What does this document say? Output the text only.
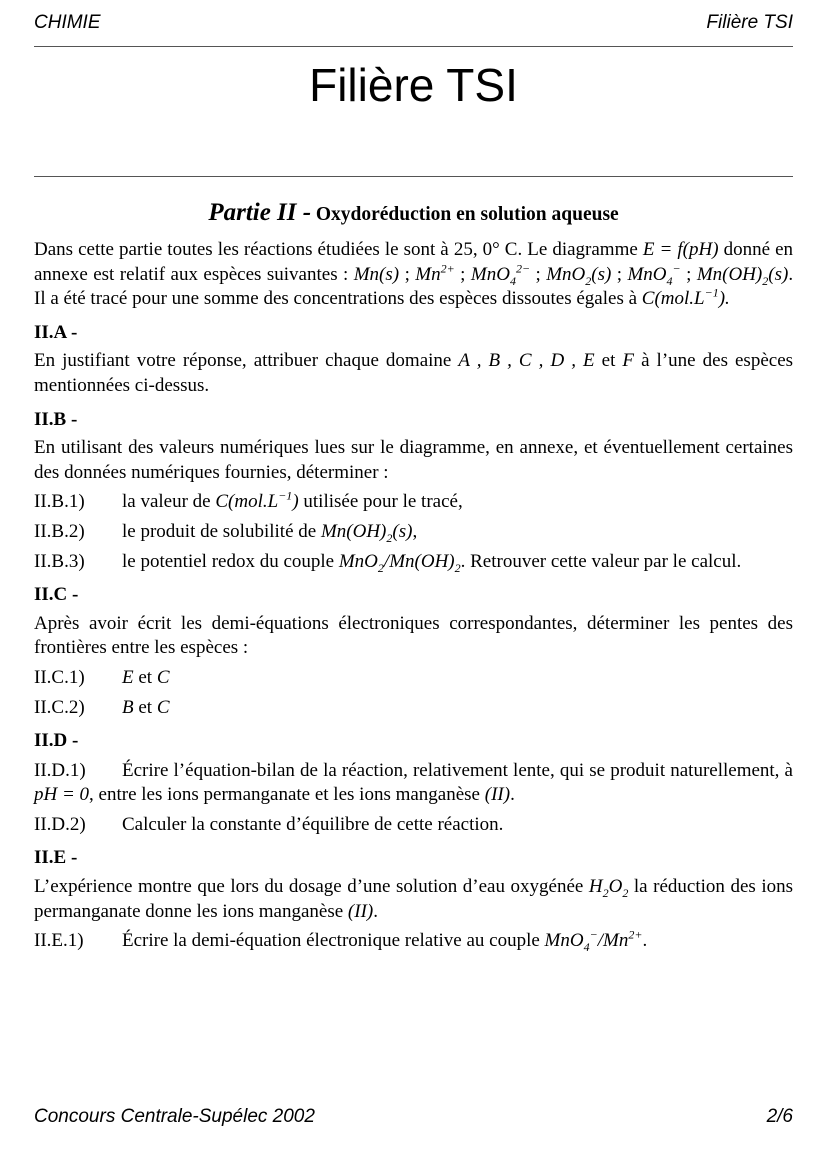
CHIMIE	Filière TSI
Filière TSI
Partie II - Oxydoréduction en solution aqueuse

Dans cette partie toutes les réactions étudiées le sont à 25, 0° C. Le diagramme E = f(pH) donné en annexe est relatif aux espèces suivantes : Mn(s) ; $Mn^{2+}$ ; MnO$_4^{2-}$ ; MnO$_2$(s) ; MnO$_4$− ; $Mn(OH)_2(s)$. Il a été tracé pour une somme des concentrations des espèces dissoutes égales à $C(mol.L^{-1})$.

II.A -

En justifiant votre réponse, attribuer chaque domaine A , B , C , D , E et F à l’une des espèces mentionnées ci-dessus.

II.B -

En utilisant des valeurs numériques lues sur le diagramme, en annexe, et éventuellement certaines des données numériques fournies, déterminer :

II.B.1) la valeur de $C(mol.L^{-1})$ utilisée pour le tracé,

II.B.2) le produit de solubilité de $Mn(OH)_2(s)$,

II.B.3) le potentiel redox du couple $MnO_2/Mn(OH)_2$. Retrouver cette valeur par le calcul.

II.C -

Après avoir écrit les demi-équations électroniques correspondantes, déterminer les pentes des frontières entre les espèces :

II.C.1) E et C

II.C.2) B et C

II.D -

II.D.1) Écrire l’équation-bilan de la réaction, relativement lente, qui se produit naturellement, à pH = 0, entre les ions permanganate et les ions manganèse (II).

II.D.2) Calculer la constante d’équilibre de cette réaction.

II.E -

L’expérience montre que lors du dosage d’une solution d’eau oxygénée $H_2O_2$ la réduction des ions permanganate donne les ions manganèse (II).

II.E.1) Écrire la demi-équation électronique relative au couple $MnO_4^-/Mn^{2+}$.

Concours Centrale-Supélec 2002	2/6
